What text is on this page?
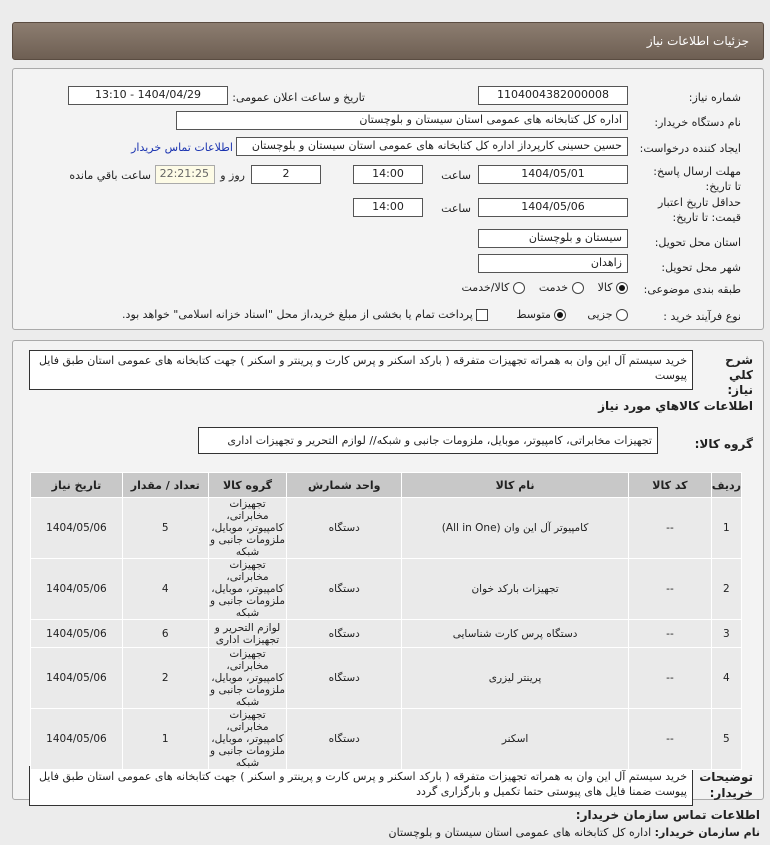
جزئیات اطلاعات نیاز
شماره نیاز:
1104004382000008
تاریخ و ساعت اعلان عمومی:
1404/04/29 - 13:10
نام دستگاه خریدار:
اداره کل کتابخانه های عمومی استان سیستان و بلوچستان
ایجاد کننده درخواست:
حسین حسینی کارپرداز اداره کل کتابخانه های عمومی استان سیستان و بلوچستان
اطلاعات تماس خریدار
مهلت ارسال پاسخ: تا تاریخ:
1404/05/01
ساعت
14:00
2
روز و
22:21:25
ساعت باقي مانده
حداقل تاریخ اعتبار قیمت: تا تاریخ:
1404/05/06
ساعت
14:00
استان محل تحویل:
سیستان و بلوچستان
شهر محل تحویل:
زاهدان
طبقه بندی موضوعی:
کالا     خدمت     کالا/خدمت
نوع فرآیند خرید :
جزیی       متوسط         پرداخت تمام یا بخشی از مبلغ خرید،از محل "اسناد خزانه اسلامی" خواهد بود.
شرح کلي نياز:
خرید سیستم آل این وان به همراته تجهیزات متفرقه ( بارکد اسکنر و پرس کارت و پرینتر و اسکنر ) جهت کتابخانه های عمومی استان طبق فایل پیوست
اطلاعات کالاهاي مورد نياز
گروه کالا:
تجهیزات مخابراتی، کامپیوتر، موبایل، ملزومات جانبی و شبکه// لوازم التحریر و تجهیزات اداری
توضیحات خریدار:
خرید سیستم آل این وان به همراته تجهیزات متفرقه ( بارکد اسکنر و پرس کارت و پرینتر و اسکنر ) جهت کتابخانه های عمومی استان طبق فایل پیوست ضمنا فایل های پیوستی حتما تکمیل و بارگزاری گردد
ردیف	کد کالا	نام کالا	واحد شمارش	گروه کالا	تعداد / مقدار	تاریخ نیاز
1	--	کامپیوتر آل این وان (All in One)	دستگاه	تجهیزات مخابراتی، کامپیوتر، موبایل، ملزومات جانبی و شبکه	5	1404/05/06
2	--	تجهیزات بارکد خوان	دستگاه	تجهیزات مخابراتی، کامپیوتر، موبایل، ملزومات جانبی و شبکه	4	1404/05/06
3	--	دستگاه پرس کارت شناسایی	دستگاه	لوازم التحریر و تجهیزات اداری	6	1404/05/06
4	--	پرینتر لیزری	دستگاه	تجهیزات مخابراتی، کامپیوتر، موبایل، ملزومات جانبی و شبکه	2	1404/05/06
5	--	اسکنر	دستگاه	تجهیزات مخابراتی، کامپیوتر، موبایل، ملزومات جانبی و شبکه	1	1404/05/06
اطلاعات تماس سازمان خریدار:
نام سازمان خریدار: اداره کل کتابخانه های عمومی استان سیستان و بلوچستان
